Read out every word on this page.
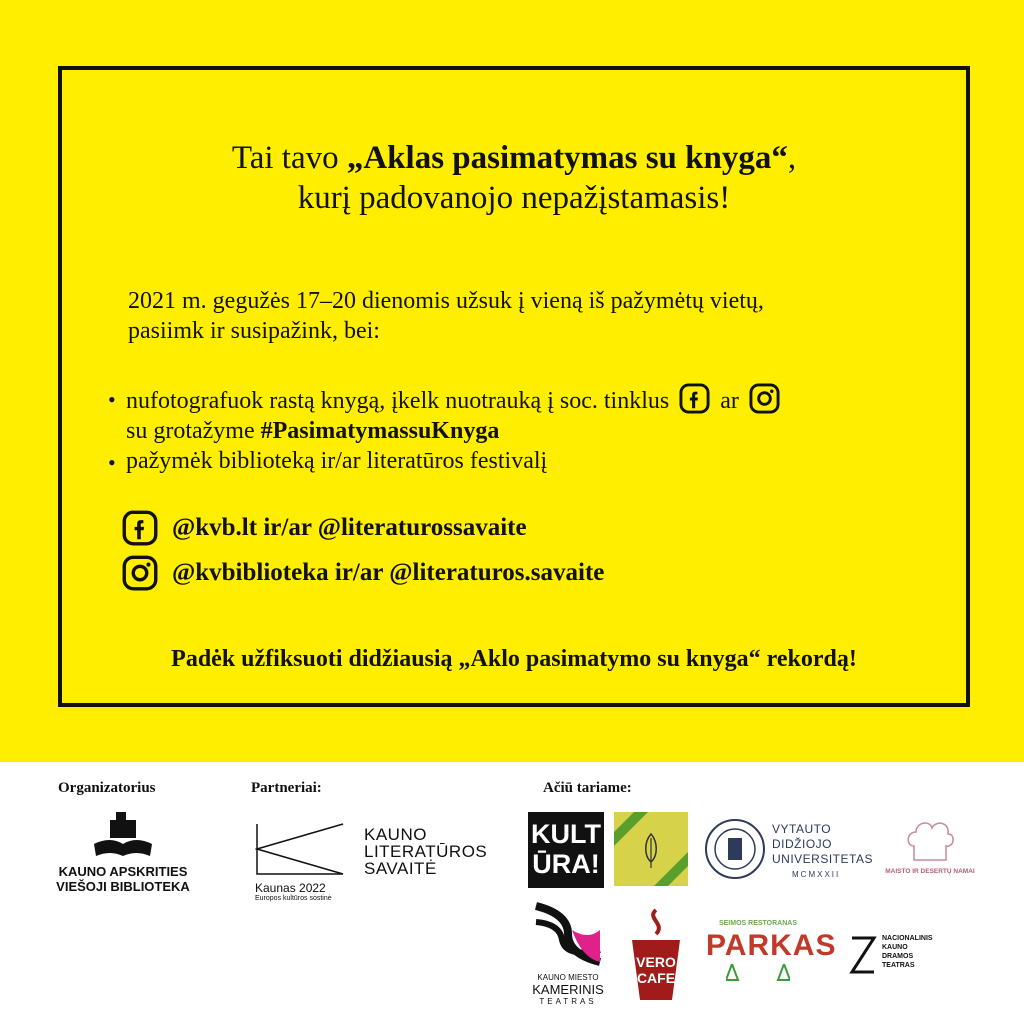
Tai tavo „Aklas pasimatymas su knyga“,
kurį padovanojo nepažįstamasis!
2021 m. gegužės 17–20 dienomis užsuk į vieną iš pažymėtų vietų,
pasiimk ir susipažink, bei:
• nufotografuok rastą knygą, įkelk nuotrauką į soc. tinklus ar
su grotažyme #PasimatymassuKnyga
• pažymėk biblioteką ir/ar literatūros festivalį
@kvb.lt ir/ar @literaturossavaite
@kvbiblioteka ir/ar @literaturos.savaite
Padėk užfiksuoti didžiausią „Aklo pasimatymo su knyga“ rekordą!
Organizatorius	Partneriai:	Ačiū tariame:
KAUNO APSKRITIES
VIEŠOJI BIBLIOTEKA	Kaunas 2022
Europos kultūros sostinė
KAUNO
LITERATŪROS
SAVAITĖ
KULT
ŪRA!
VYTAUTO
DIDŽIOJO
UNIVERSITETAS
MCMXXII	MAISTO IR DESERTŲ NAMAI
KAUNO MIESTO
KAMERINIS
TEATRAS
VERO
CAFE
SEIMOS RESTORANAS
PARKAS	NACIONALINIS
KAUNO
DRAMOS
TEATRAS
